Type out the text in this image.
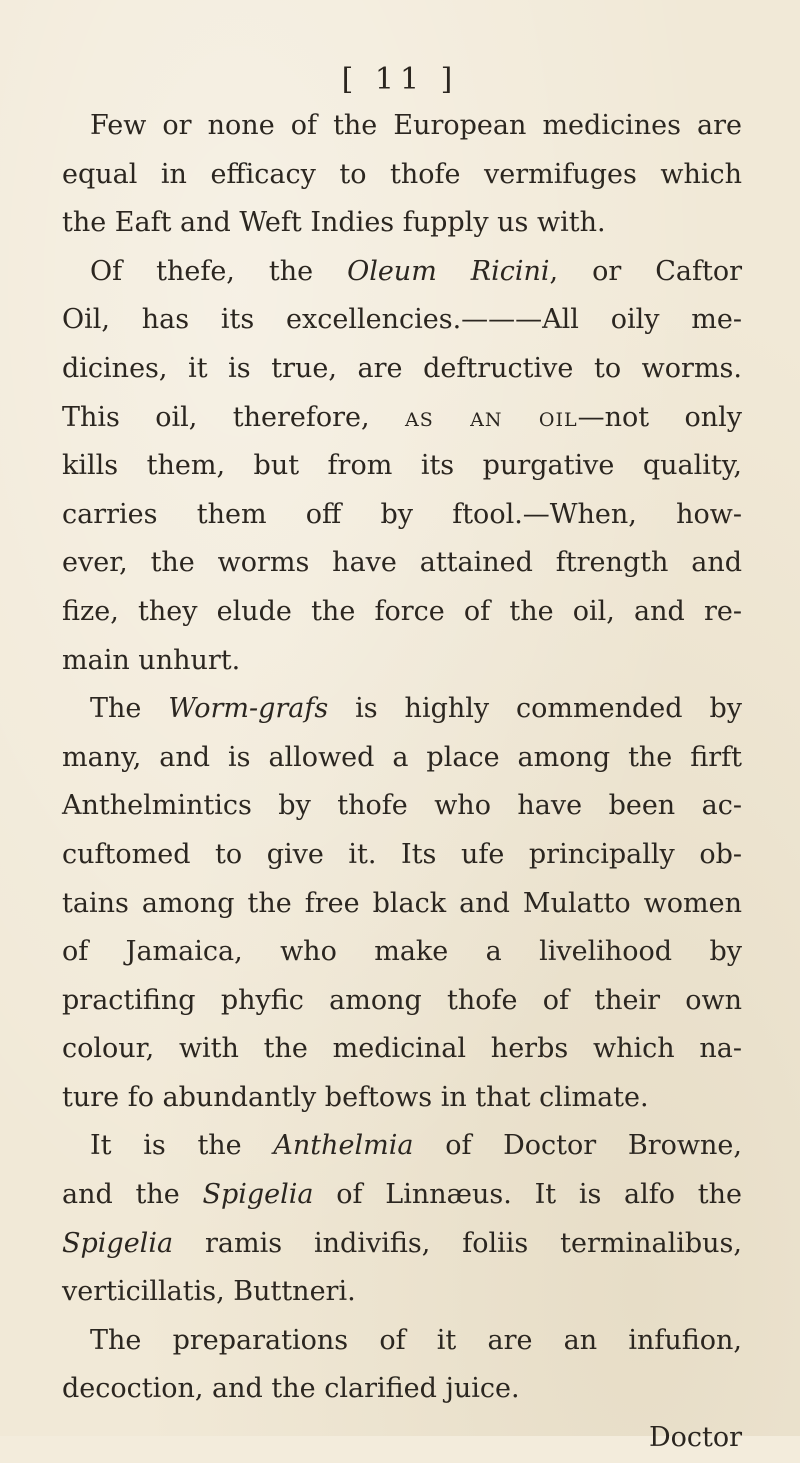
[ 11 ]
Few or none of the European medicines are
equal in efficacy to thofe vermifuges which
the Eaft and Weft Indies fupply us with.
Of thefe, the Oleum Ricini, or Caftor
Oil, has its excellencies.———All oily me-
dicines, it is true, are deftructive to worms.
This oil, therefore, as an oil—not only
kills them, but from its purgative quality,
carries them off by ftool.—When, how-
ever, the worms have attained ftrength and
fize, they elude the force of the oil, and re-
main unhurt.
The Worm-grafs is highly commended by
many, and is allowed a place among the firft
Anthelmintics by thofe who have been ac-
cuftomed to give it. Its ufe principally ob-
tains among the free black and Mulatto women
of Jamaica, who make a livelihood by
practifing phyfic among thofe of their own
colour, with the medicinal herbs which na-
ture fo abundantly beftows in that climate.
It is the Anthelmia of Doctor Browne,
and the Spigelia of Linnæus. It is alfo the
Spigelia ramis indivifis, foliis terminalibus,
verticillatis, Buttneri.
The preparations of it are an infufion,
decoction, and the clarified juice.
Doctor
